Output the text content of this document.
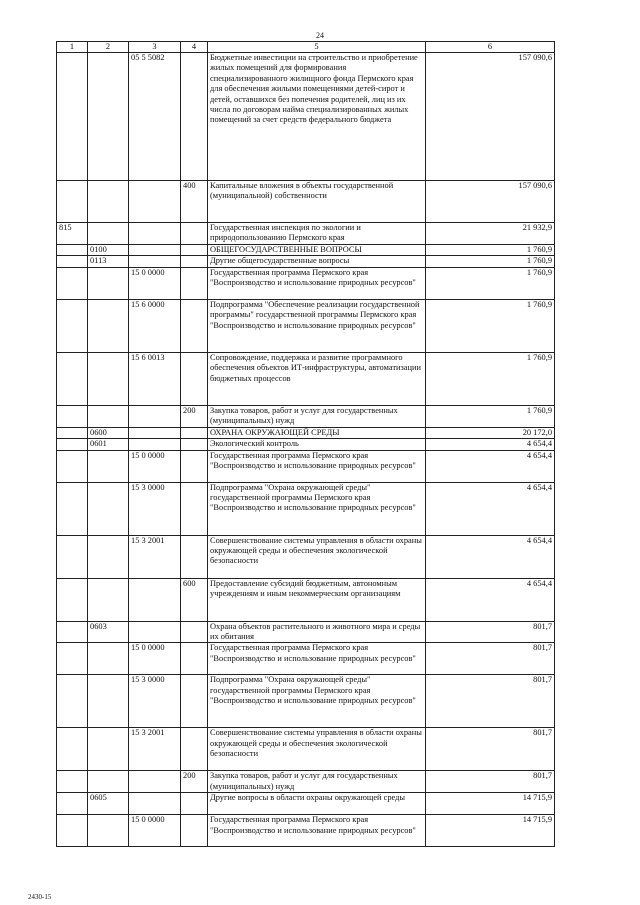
24
1	2	3	4	5	6
		05 5 5082		Бюджетные инвестиции на строительство и приобретение жилых помещений для формирования специализированного жилищного фонда Пермского края для обеспечения жилыми помещениями детей-сирот и детей, оставшихся без попечения родителей, лиц из их числа по договорам найма специализированных жилых помещений за счет средств федерального бюджета	157 090,6
			400	Капитальные вложения в объекты государственной (муниципальной) собственности	157 090,6
815				Государственная инспекция по экологии и природопользованию Пермского края	21 932,9
	0100			ОБЩЕГОСУДАРСТВЕННЫЕ ВОПРОСЫ	1 760,9
	0113			Другие общегосударственные вопросы	1 760,9
		15 0 0000		Государственная программа Пермского края "Воспроизводство и использование природных ресурсов"	1 760,9
		15 6 0000		Подпрограмма "Обеспечение реализации государственной программы" государственной программы Пермского края "Воспроизводство и использование природных ресурсов"	1 760,9
		15 6 0013		Сопровождение, поддержка и развитие программного обеспечения объектов ИТ-инфраструктуры, автоматизации бюджетных процессов	1 760,9
			200	Закупка товаров, работ и услуг для государственных (муниципальных) нужд	1 760,9
	0600			ОХРАНА ОКРУЖАЮЩЕЙ СРЕДЫ	20 172,0
	0601			Экологический контроль	4 654,4
		15 0 0000		Государственная программа Пермского края "Воспроизводство и использование природных ресурсов"	4 654,4
		15 3 0000		Подпрограмма "Охрана окружающей среды" государственной программы Пермского края "Воспроизводство и использование природных ресурсов"	4 654,4
		15 3 2001		Совершенствование системы управления в области охраны окружающей среды и обеспечения экологической безопасности	4 654,4
			600	Предоставление субсидий бюджетным, автономным учреждениям и иным некоммерческим организациям	4 654,4
	0603			Охрана объектов растительного и животного мира и среды их обитания	801,7
		15 0 0000		Государственная программа Пермского края "Воспроизводство и использование природных ресурсов"	801,7
		15 3 0000		Подпрограмма "Охрана окружающей среды" государственной программы Пермского края "Воспроизводство и использование природных ресурсов"	801,7
		15 3 2001		Совершенствование системы управления в области охраны окружающей среды и обеспечения экологической безопасности	801,7
			200	Закупка товаров, работ и услуг для государственных (муниципальных) нужд	801,7
	0605			Другие вопросы в области охраны окружающей среды	14 715,9
		15 0 0000		Государственная программа Пермского края "Воспроизводство и использование природных ресурсов"	14 715,9
2430-15
